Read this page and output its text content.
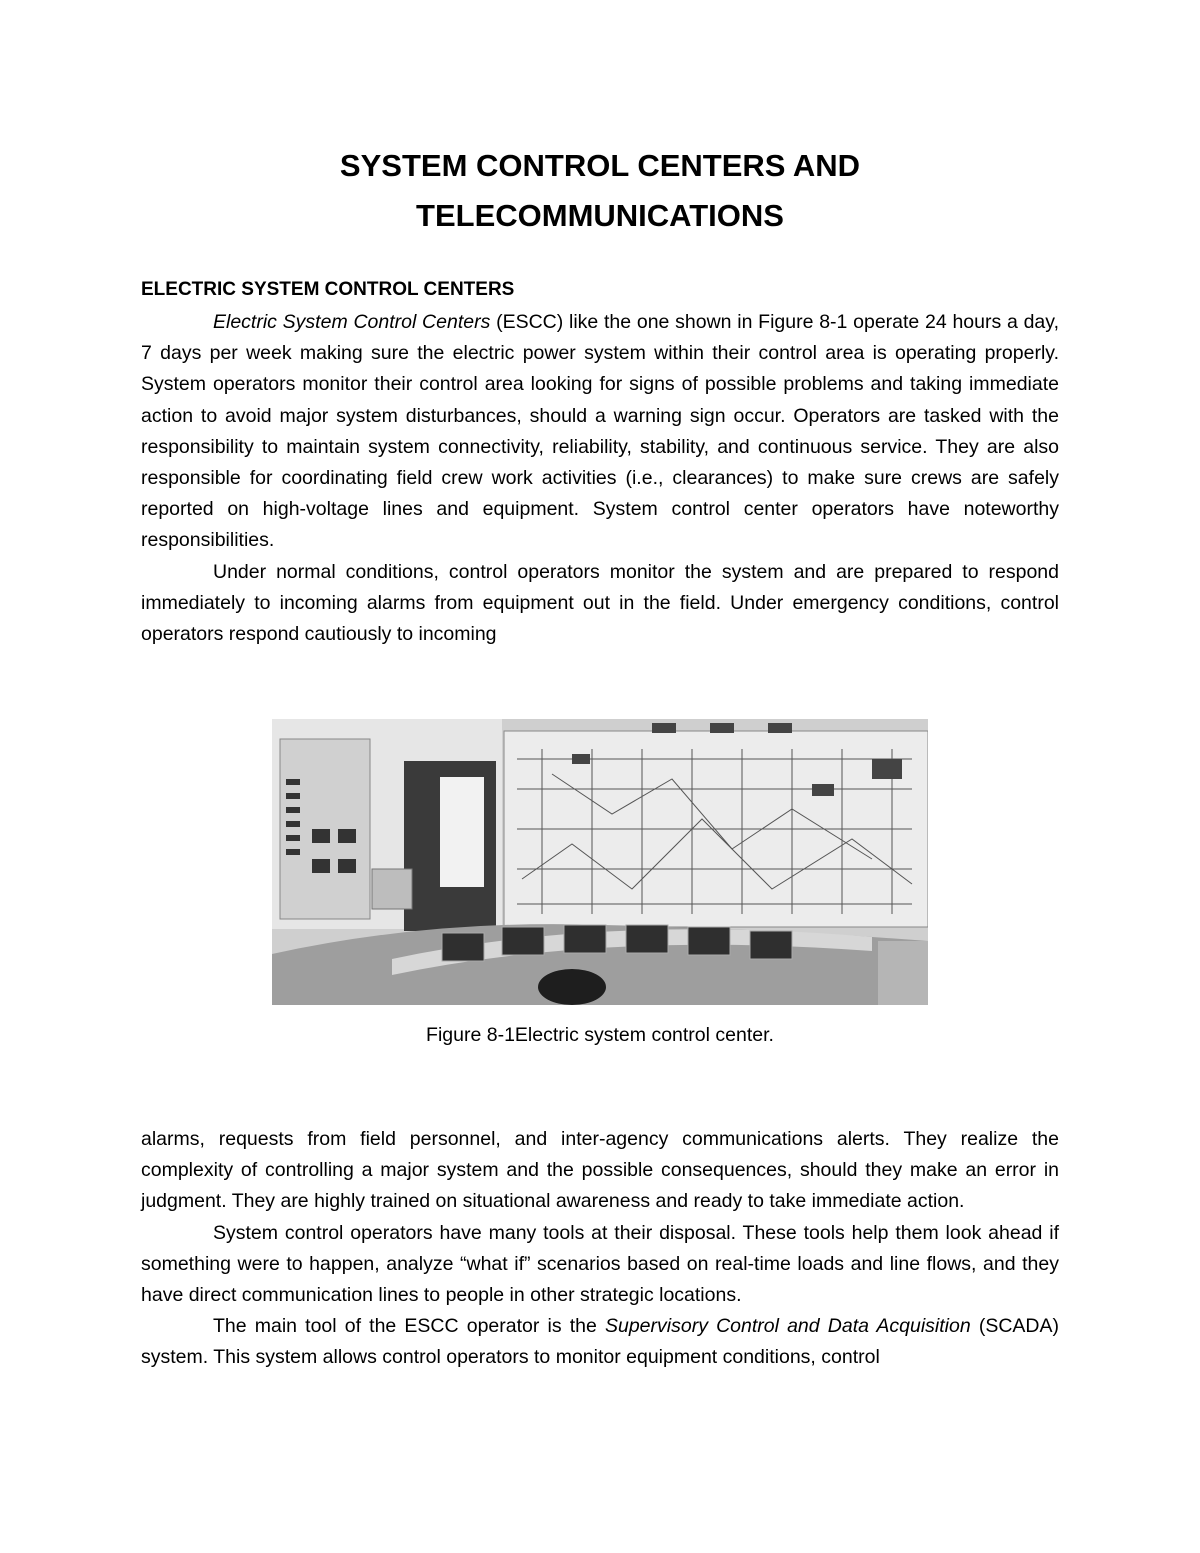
SYSTEM CONTROL CENTERS AND
TELECOMMUNICATIONS
ELECTRIC SYSTEM CONTROL CENTERS

Electric System Control Centers (ESCC) like the one shown in Figure 8-1 operate 24 hours a day, 7 days per week making sure the electric power system within their control area is operating properly. System operators monitor their control area looking for signs of possible problems and taking immediate action to avoid major system disturbances, should a warning sign occur. Operators are tasked with the responsibility to maintain system connectivity, reliability, stability, and continuous service. They are also responsible for coordinating field crew work activities (i.e., clearances) to make sure crews are safely reported on high-voltage lines and equipment. System control center operators have noteworthy responsibilities.

Under normal conditions, control operators monitor the system and are prepared to respond immediately to incoming alarms from equipment out in the field. Under emergency conditions, control operators respond cautiously to incoming

Figure 8-1Electric system control center.

alarms, requests from field personnel, and inter-agency communications alerts. They realize the complexity of controlling a major system and the possible consequences, should they make an error in judgment. They are highly trained on situational awareness and ready to take immediate action.

System control operators have many tools at their disposal. These tools help them look ahead if something were to happen, analyze “what if” scenarios based on real-time loads and line flows, and they have direct communication lines to people in other strategic locations.

The main tool of the ESCC operator is the Supervisory Control and Data Acquisition (SCADA) system. This system allows control operators to monitor equipment conditions, control
